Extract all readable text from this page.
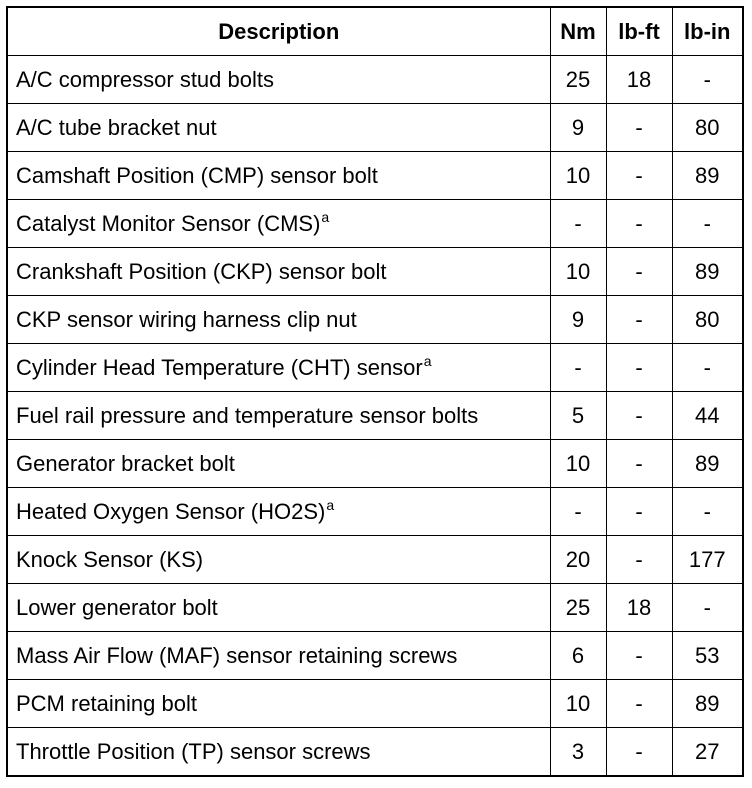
Description	Nm	lb-ft	lb-in
A/C compressor stud bolts	25	18	-
A/C tube bracket nut	9	-	80
Camshaft Position (CMP) sensor bolt	10	-	89
Catalyst Monitor Sensor (CMS)$^a$	-	-	-
Crankshaft Position (CKP) sensor bolt	10	-	89
CKP sensor wiring harness clip nut	9	-	80
Cylinder Head Temperature (CHT) sensor$^a$	-	-	-
Fuel rail pressure and temperature sensor bolts	5	-	44
Generator bracket bolt	10	-	89
Heated Oxygen Sensor (HO2S)$^a$	-	-	-
Knock Sensor (KS)	20	-	177
Lower generator bolt	25	18	-
Mass Air Flow (MAF) sensor retaining screws	6	-	53
PCM retaining bolt	10	-	89
Throttle Position (TP) sensor screws	3	-	27
